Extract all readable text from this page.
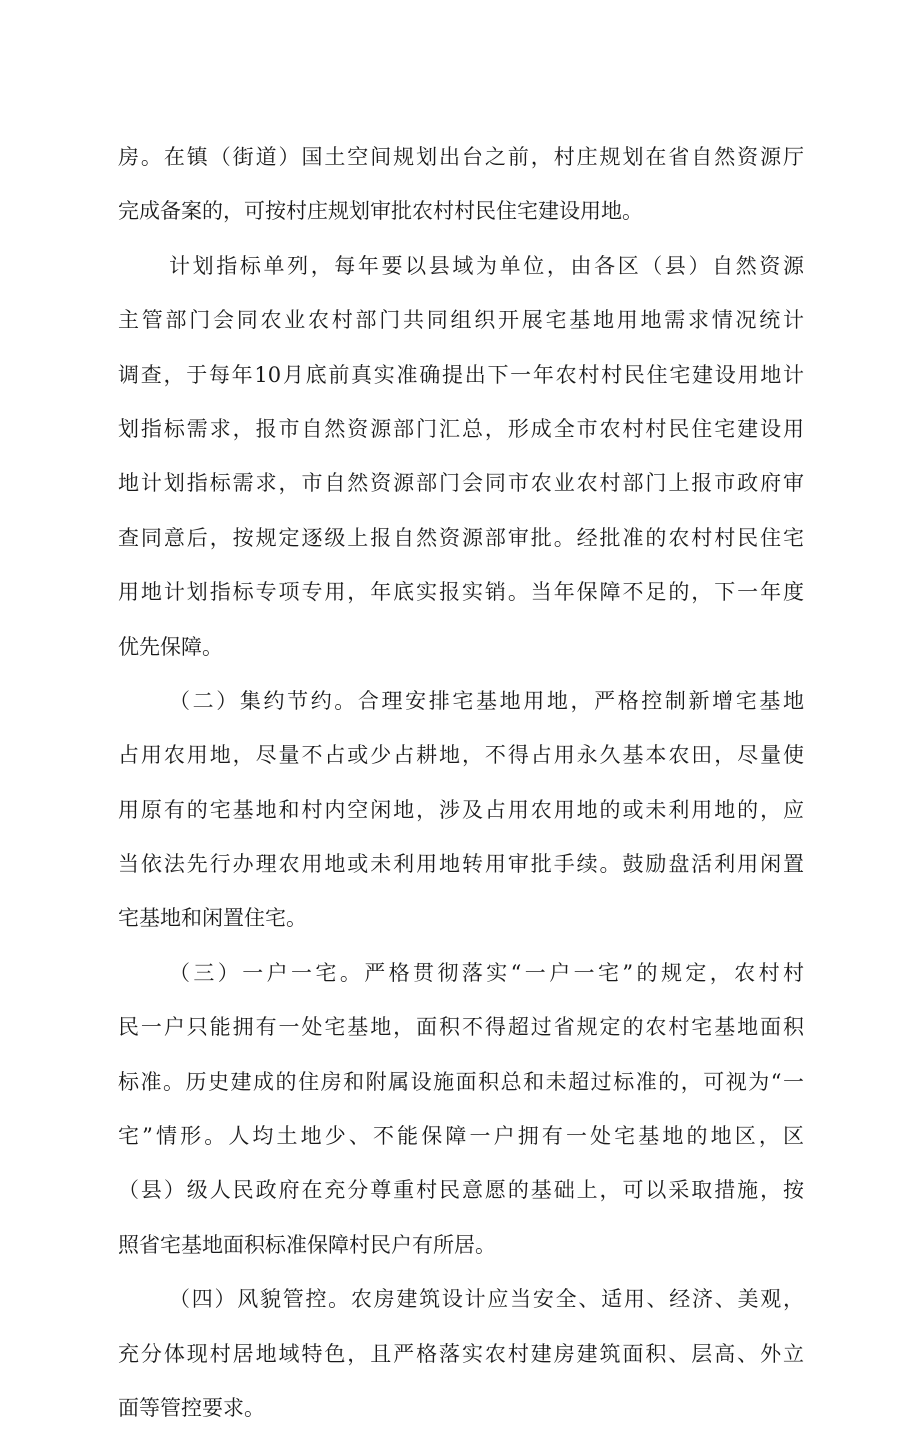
房。在镇（街道）国土空间规划出台之前，村庄规划在省自然资源厅
完成备案的，可按村庄规划审批农村村民住宅建设用地。
计划指标单列，每年要以县域为单位，由各区（县）自然资源
主管部门会同农业农村部门共同组织开展宅基地用地需求情况统计
调查，于每年10月底前真实准确提出下一年农村村民住宅建设用地计
划指标需求，报市自然资源部门汇总，形成全市农村村民住宅建设用
地计划指标需求，市自然资源部门会同市农业农村部门上报市政府审
查同意后，按规定逐级上报自然资源部审批。经批准的农村村民住宅
用地计划指标专项专用，年底实报实销。当年保障不足的，下一年度
优先保障。
（二）集约节约。合理安排宅基地用地，严格控制新增宅基地
占用农用地，尽量不占或少占耕地，不得占用永久基本农田，尽量使
用原有的宅基地和村内空闲地，涉及占用农用地的或未利用地的，应
当依法先行办理农用地或未利用地转用审批手续。鼓励盘活利用闲置
宅基地和闲置住宅。
（三）一户一宅。严格贯彻落实“一户一宅”的规定，农村村
民一户只能拥有一处宅基地，面积不得超过省规定的农村宅基地面积
标准。历史建成的住房和附属设施面积总和未超过标准的，可视为“一
宅”情形。人均土地少、不能保障一户拥有一处宅基地的地区，区
（县）级人民政府在充分尊重村民意愿的基础上，可以采取措施，按
照省宅基地面积标准保障村民户有所居。
（四）风貌管控。农房建筑设计应当安全、适用、经济、美观，
充分体现村居地域特色，且严格落实农村建房建筑面积、层高、外立
面等管控要求。
